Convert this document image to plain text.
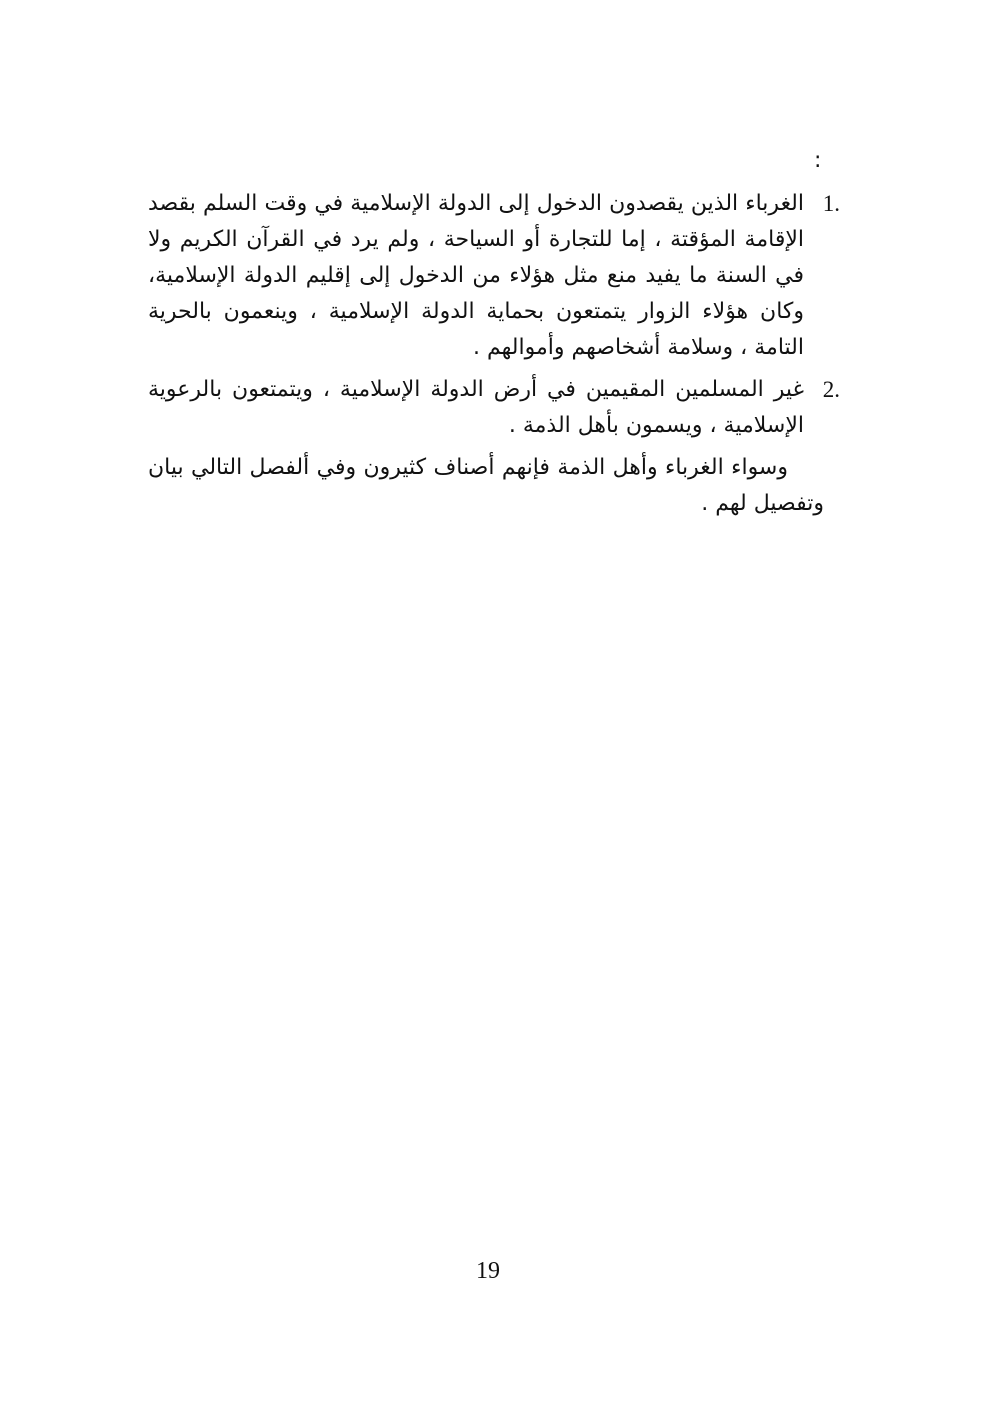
:
1.
الغرباء الذين يقصدون الدخول إلى الدولة الإسلامية في وقت السلم بقصد الإقامة المؤقتة ، إما للتجارة أو السياحة ، ولم يرد في القرآن الكريم ولا في السنة ما يفيد منع مثل هؤلاء من الدخول إلى إقليم الدولة الإسلامية، وكان هؤلاء الزوار يتمتعون بحماية الدولة الإسلامية ، وينعمون بالحرية التامة ، وسلامة أشخاصهم وأموالهم .
2.
غير المسلمين المقيمين في أرض الدولة الإسلامية ، ويتمتعون بالرعوية الإسلامية ، ويسمون بأهل الذمة .

وسواء الغرباء وأهل الذمة فإنهم أصناف كثيرون وفي ألفصل التالي بيان وتفصيل لهم .

19
